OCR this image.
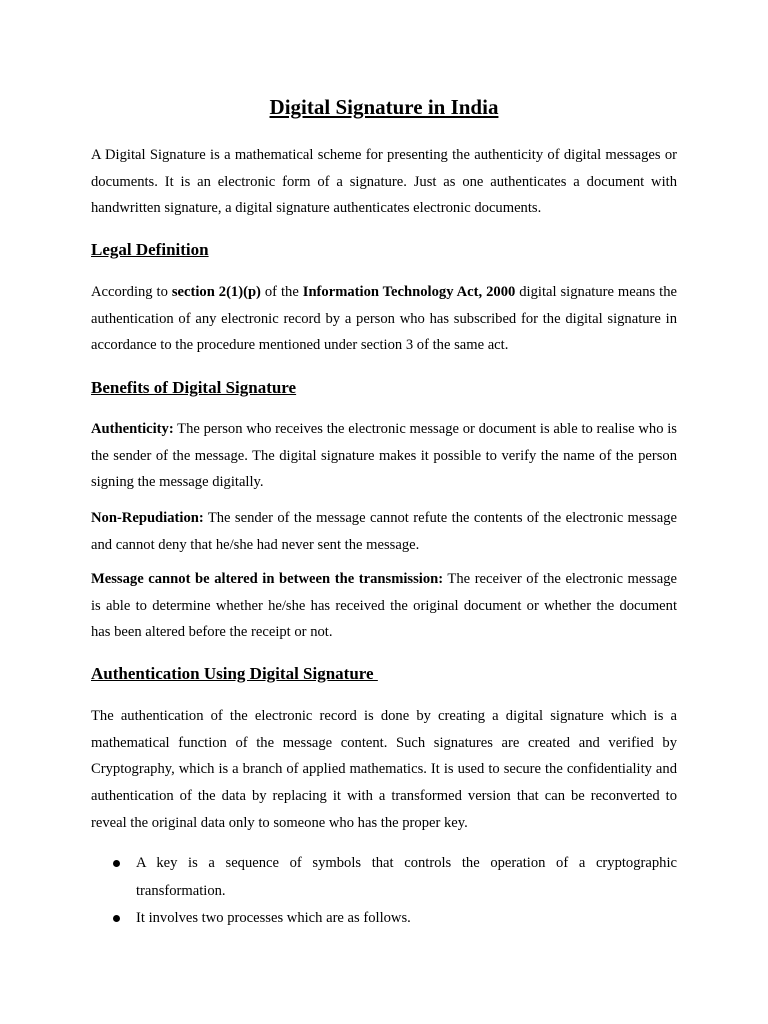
Digital Signature in India

A Digital Signature is a mathematical scheme for presenting the authenticity of digital messages or documents. It is an electronic form of a signature. Just as one authenticates a document with handwritten signature, a digital signature authenticates electronic documents.

Legal Definition

According to section 2(1)(p) of the Information Technology Act, 2000 digital signature means the authentication of any electronic record by a person who has subscribed for the digital signature in accordance to the procedure mentioned under section 3 of the same act.

Benefits of Digital Signature

Authenticity: The person who receives the electronic message or document is able to realise who is the sender of the message. The digital signature makes it possible to verify the name of the person signing the message digitally.

Non-Repudiation: The sender of the message cannot refute the contents of the electronic message and cannot deny that he/she had never sent the message.

Message cannot be altered in between the transmission: The receiver of the electronic message is able to determine whether he/she has received the original document or whether the document has been altered before the receipt or not.

Authentication Using Digital Signature

The authentication of the electronic record is done by creating a digital signature which is a mathematical function of the message content. Such signatures are created and verified by Cryptography, which is a branch of applied mathematics. It is used to secure the confidentiality and authentication of the data by replacing it with a transformed version that can be reconverted to reveal the original data only to someone who has the proper key.

A key is a sequence of symbols that controls the operation of a cryptographic transformation.
It involves two processes which are as follows.
